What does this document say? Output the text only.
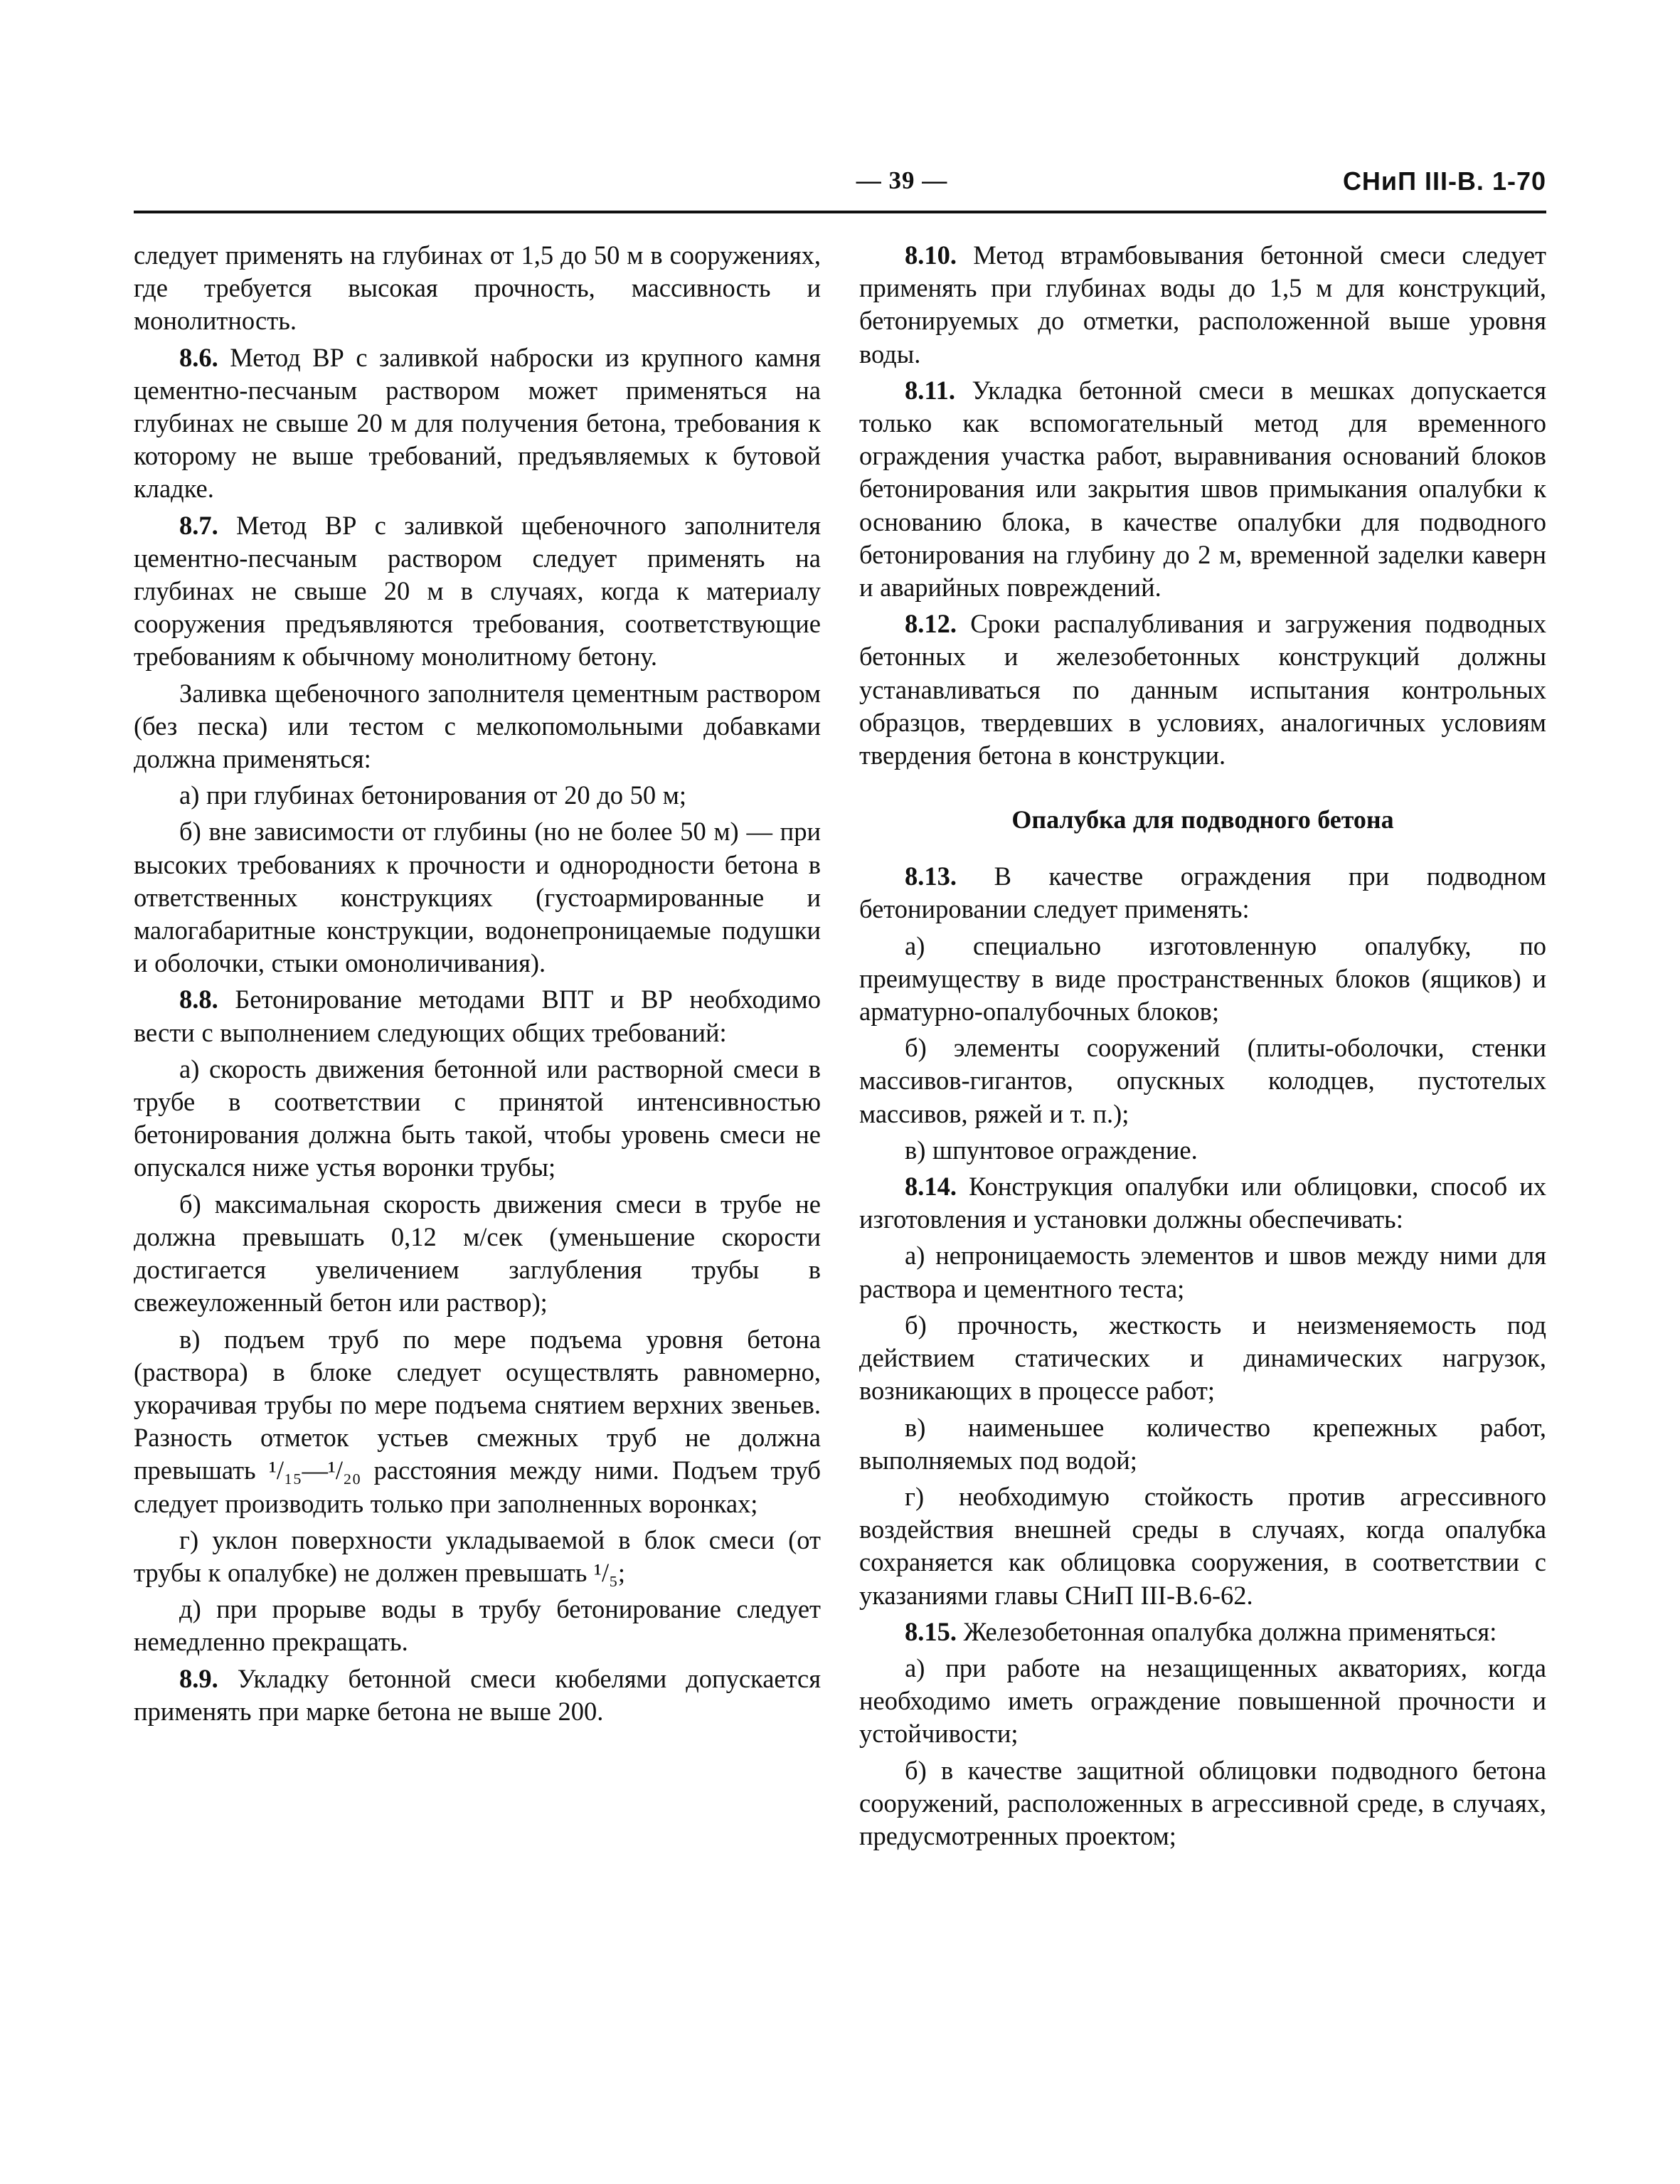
— 39 —	СНиП III-В. 1-70

следует применять на глубинах от 1,5 до 50 м в сооружениях, где требуется высокая прочность, массивность и монолитность.

8.6. Метод ВР с заливкой наброски из крупного камня цементно-песчаным раствором может применяться на глубинах не свыше 20 м для получения бетона, требования к которому не выше требований, предъявляемых к бутовой кладке.

8.7. Метод ВР с заливкой щебеночного заполнителя цементно-песчаным раствором следует применять на глубинах не свыше 20 м в случаях, когда к материалу сооружения предъявляются требования, соответствующие требованиям к обычному монолитному бетону.

Заливка щебеночного заполнителя цементным раствором (без песка) или тестом с мелкопомольными добавками должна применяться:

а) при глубинах бетонирования от 20 до 50 м;

б) вне зависимости от глубины (но не более 50 м) — при высоких требованиях к прочности и однородности бетона в ответственных конструкциях (густоармированные и малогабаритные конструкции, водонепроницаемые подушки и оболочки, стыки омоноличивания).

8.8. Бетонирование методами ВПТ и ВР необходимо вести с выполнением следующих общих требований:

а) скорость движения бетонной или растворной смеси в трубе в соответствии с принятой интенсивностью бетонирования должна быть такой, чтобы уровень смеси не опускался ниже устья воронки трубы;

б) максимальная скорость движения смеси в трубе не должна превышать 0,12 м/сек (уменьшение скорости достигается увеличением заглубления трубы в свежеуложенный бетон или раствор);

в) подъем труб по мере подъема уровня бетона (раствора) в блоке следует осуществлять равномерно, укорачивая трубы по мере подъема снятием верхних звеньев. Разность отметок устьев смежных труб не должна превышать ¹/₁₅—¹/₂₀ расстояния между ними. Подъем труб следует производить только при заполненных воронках;

г) уклон поверхности укладываемой в блок смеси (от трубы к опалубке) не должен превышать ¹/₅;

д) при прорыве воды в трубу бетонирование следует немедленно прекращать.

8.9. Укладку бетонной смеси кюбелями допускается применять при марке бетона не выше 200.

8.10. Метод втрамбовывания бетонной смеси следует применять при глубинах воды до 1,5 м для конструкций, бетонируемых до отметки, расположенной выше уровня воды.

8.11. Укладка бетонной смеси в мешках допускается только как вспомогательный метод для временного ограждения участка работ, выравнивания оснований блоков бетонирования или закрытия швов примыкания опалубки к основанию блока, в качестве опалубки для подводного бетонирования на глубину до 2 м, временной заделки каверн и аварийных повреждений.

8.12. Сроки распалубливания и загружения подводных бетонных и железобетонных конструкций должны устанавливаться по данным испытания контрольных образцов, твердевших в условиях, аналогичных условиям твердения бетона в конструкции.

Опалубка для подводного бетона

8.13. В качестве ограждения при подводном бетонировании следует применять:

а) специально изготовленную опалубку, по преимуществу в виде пространственных блоков (ящиков) и арматурно-опалубочных блоков;

б) элементы сооружений (плиты-оболочки, стенки массивов-гигантов, опускных колодцев, пустотелых массивов, ряжей и т. п.);

в) шпунтовое ограждение.

8.14. Конструкция опалубки или облицовки, способ их изготовления и установки должны обеспечивать:

а) непроницаемость элементов и швов между ними для раствора и цементного теста;

б) прочность, жесткость и неизменяемость под действием статических и динамических нагрузок, возникающих в процессе работ;

в) наименьшее количество крепежных работ, выполняемых под водой;

г) необходимую стойкость против агрессивного воздействия внешней среды в случаях, когда опалубка сохраняется как облицовка сооружения, в соответствии с указаниями главы СНиП III-В.6-62.

8.15. Железобетонная опалубка должна применяться:

а) при работе на незащищенных акваториях, когда необходимо иметь ограждение повышенной прочности и устойчивости;

б) в качестве защитной облицовки подводного бетона сооружений, расположенных в агрессивной среде, в случаях, предусмотренных проектом;
